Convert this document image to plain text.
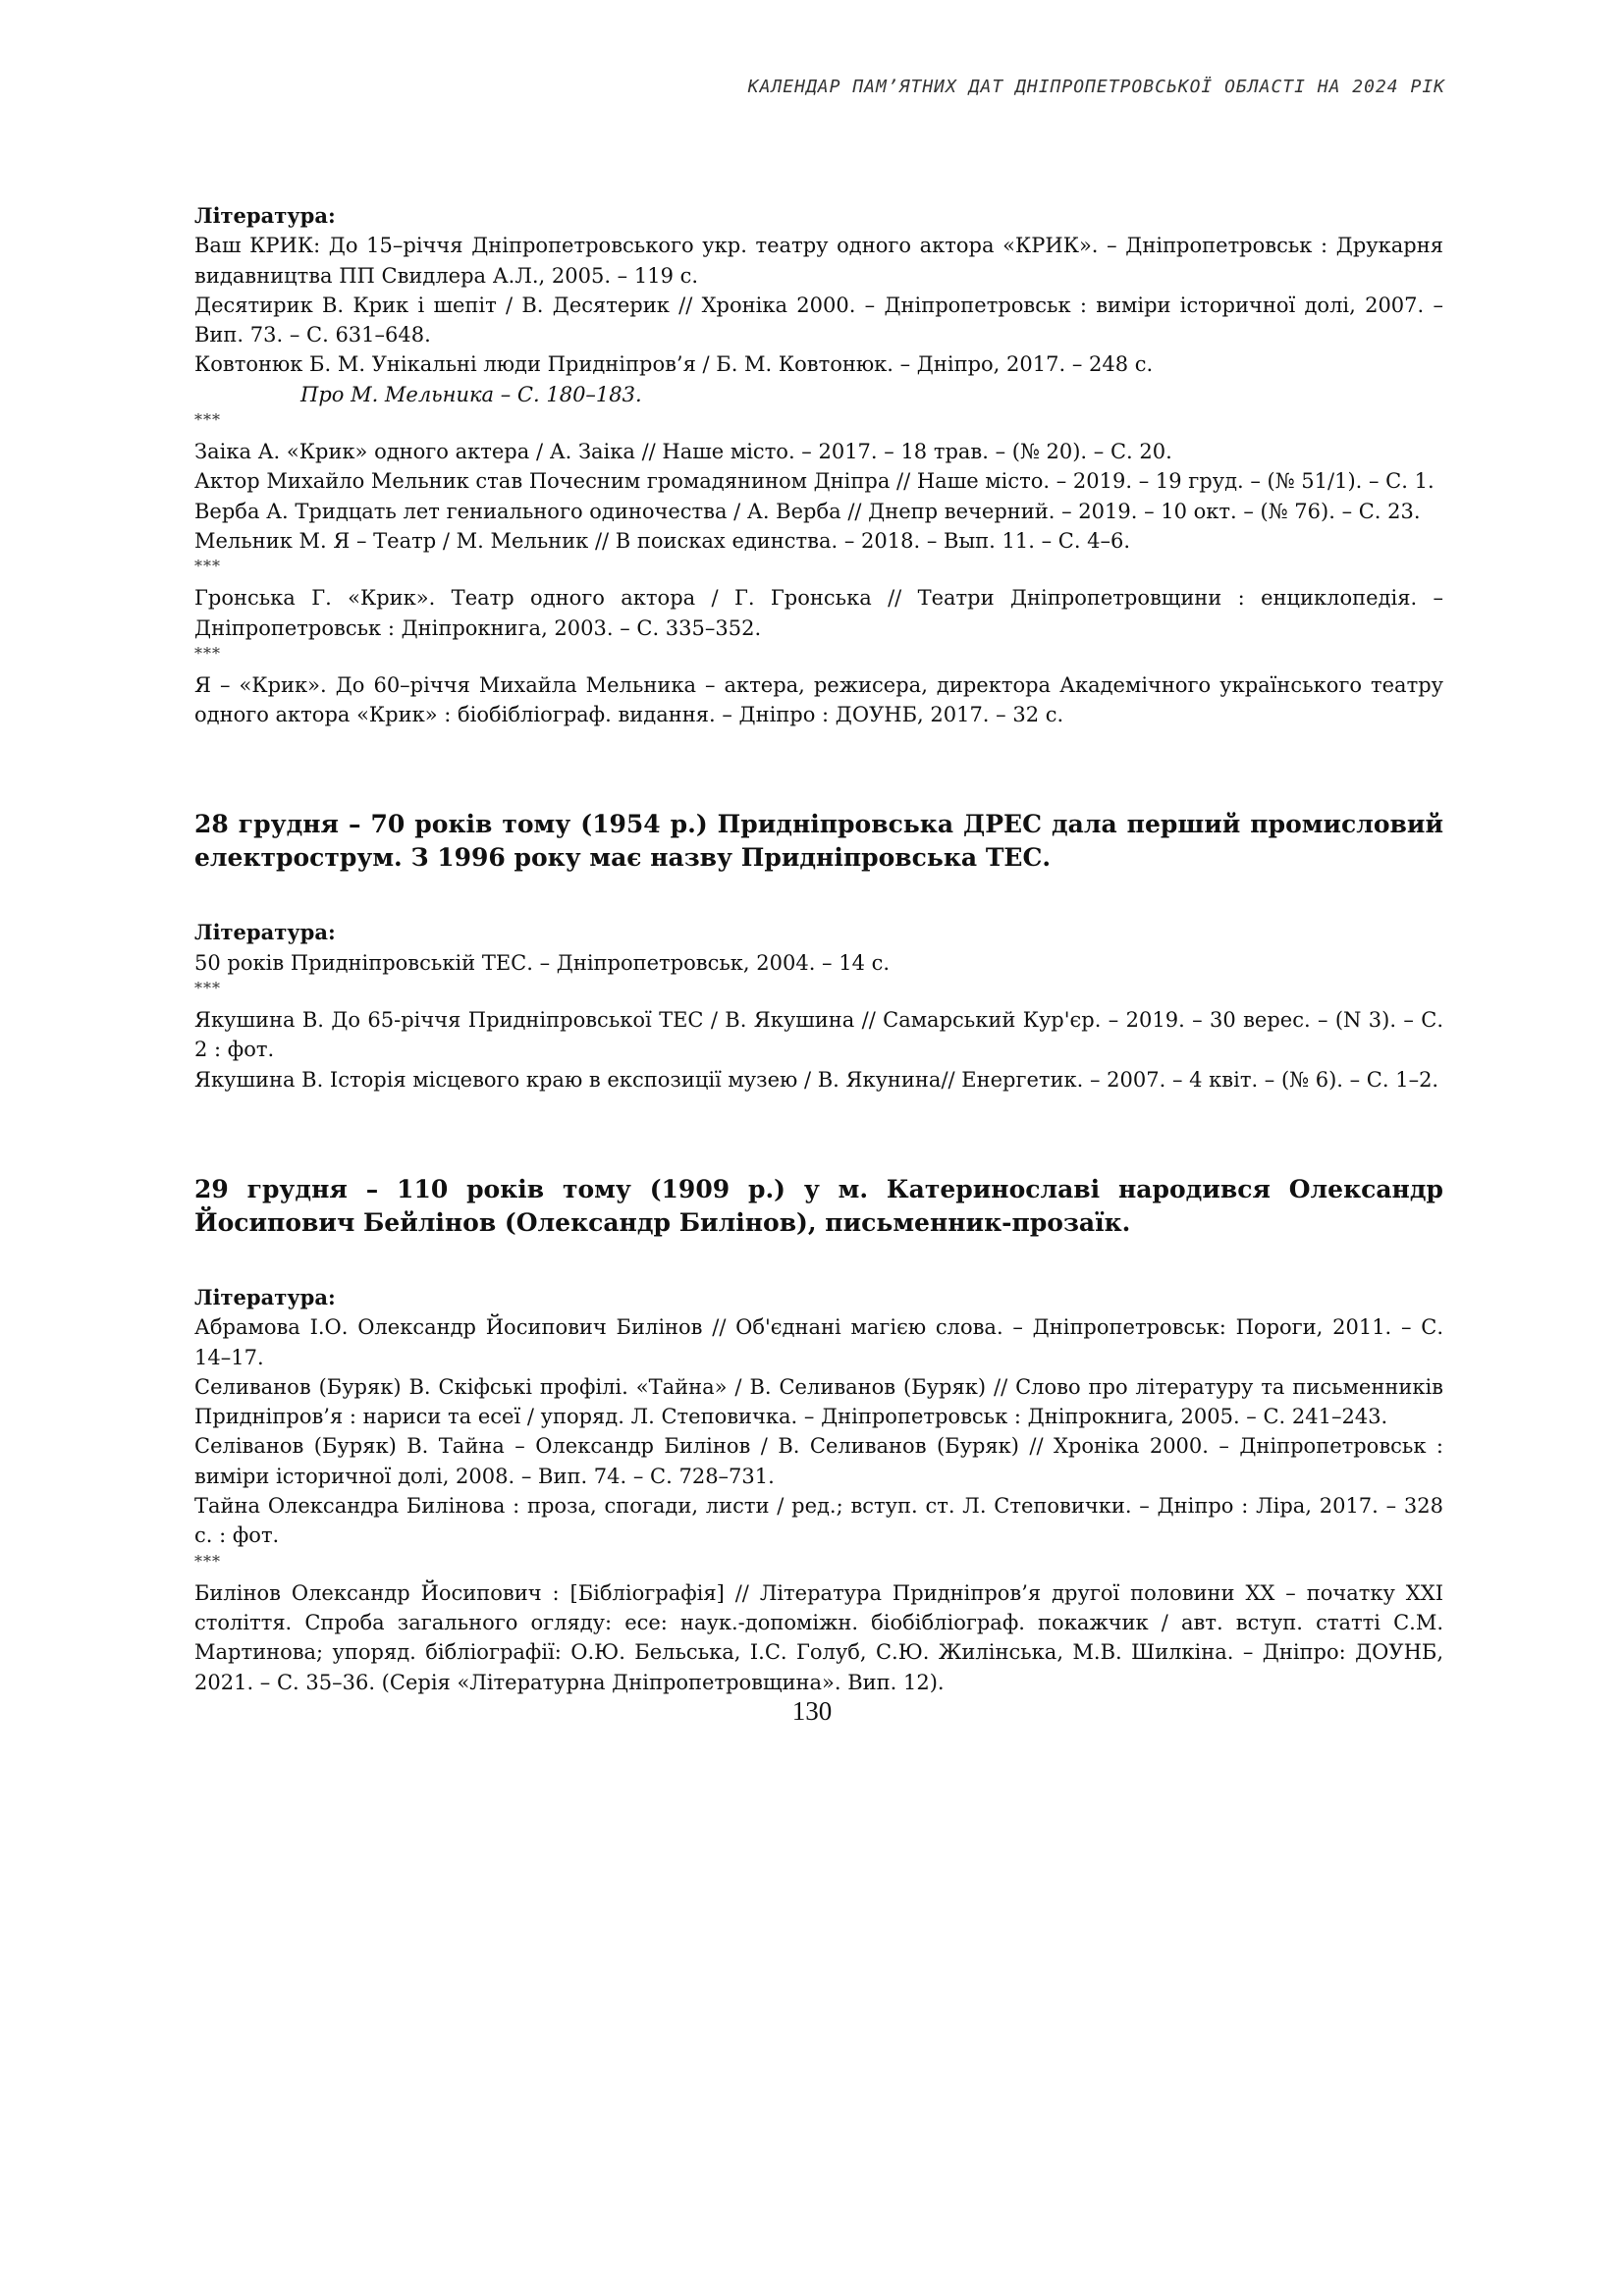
КАЛЕНДАР ПАМ’ЯТНИХ ДАТ ДНІПРОПЕТРОВСЬКОЇ ОБЛАСТІ НА 2024 РІК

Література:

Ваш КРИК: До 15–річчя Дніпропетровського укр. театру одного актора «КРИК». – Дніпропетровськ : Друкарня видавництва ПП Свидлера А.Л., 2005. – 119 с.

Десятирик В. Крик і шепіт / В. Десятерик // Хроніка 2000. – Дніпропетровськ : виміри історичної долі, 2007. – Вип. 73. – С. 631–648.

Ковтонюк Б. М. Унікальні люди Придніпров’я / Б. М. Ковтонюк. – Дніпро, 2017. – 248 с.

Про М. Мельника – С. 180–183.

***

Заіка А. «Крик» одного актера / А. Заіка // Наше місто. – 2017. – 18 трав. – (№ 20). – С. 20.

Актор Михайло Мельник став Почесним громадянином Дніпра // Наше місто. – 2019. – 19 груд. – (№ 51/1). – С. 1.

Верба А. Тридцать лет гениального одиночества / А. Верба // Днепр вечерний. – 2019. – 10 окт. – (№ 76). – С. 23.

Мельник М. Я – Театр / М. Мельник // В поисках единства. – 2018. – Вып. 11. – С. 4–6.

***

Гронська Г. «Крик». Театр одного актора / Г. Гронська // Театри Дніпропетровщини : енциклопедія. – Дніпропетровськ : Дніпрокнига, 2003. – С. 335–352.

***

Я – «Крик». До 60–річчя Михайла Мельника – актера, режисера, директора Академічного українського театру одного актора «Крик» : біобібліограф. видання. – Дніпро : ДОУНБ, 2017. – 32 с.

28 грудня – 70 років тому (1954 р.) Придніпровська ДРЕС дала перший промисловий електрострум. З 1996 року має назву Придніпровська ТЕС.

Література:

50 років Придніпровській ТЕС. – Дніпропетровськ, 2004. – 14 с.

***

Якушина В. До 65-річчя Придніпровської ТЕС / В. Якушина // Самарський Кур'єр. – 2019. – 30 верес. – (N 3). – С. 2 : фот.

Якушина В. Історія місцевого краю в експозиції музею / В. Якунина// Енергетик. – 2007. – 4 квіт. – (№ 6). – С. 1–2.

29 грудня – 110 років тому (1909 р.) у м. Катеринославі народився Олександр Йосипович Бейлінов (Олександр Билінов), письменник-прозаїк.

Література:

Абрамова І.О. Олександр Йосипович Билінов // Об'єднані магією слова. – Дніпропетровськ: Пороги, 2011. – С. 14–17.

Селиванов (Буряк) В. Скіфські профілі. «Тайна» / В. Селиванов (Буряк) // Слово про літературу та письменників Придніпров’я : нариси та есеї / упоряд. Л. Степовичка. – Дніпропетровськ : Дніпрокнига, 2005. – С. 241–243.

Селіванов (Буряк) В. Тайна – Олександр Билінов / В. Селиванов (Буряк) // Хроніка 2000. – Дніпропетровськ : виміри історичної долі, 2008. – Вип. 74. – С. 728–731.

Тайна Олександра Билінова : проза, спогади, листи / ред.; вступ. ст. Л. Степовички. – Дніпро : Ліра, 2017. – 328 с. : фот.

***

Билінов Олександр Йосипович : [Бібліографія] // Література Придніпров’я другої половини XX – початку XXI століття. Спроба загального огляду: есе: наук.-допоміжн. біобібліограф. покажчик / авт. вступ. статті С.М. Мартинова; упоряд. бібліографії: О.Ю. Бельська, І.С. Голуб, С.Ю. Жилінська, М.В. Шилкіна. – Дніпро: ДОУНБ, 2021. – С. 35–36. (Серія «Літературна Дніпропетровщина». Вип. 12).

130
